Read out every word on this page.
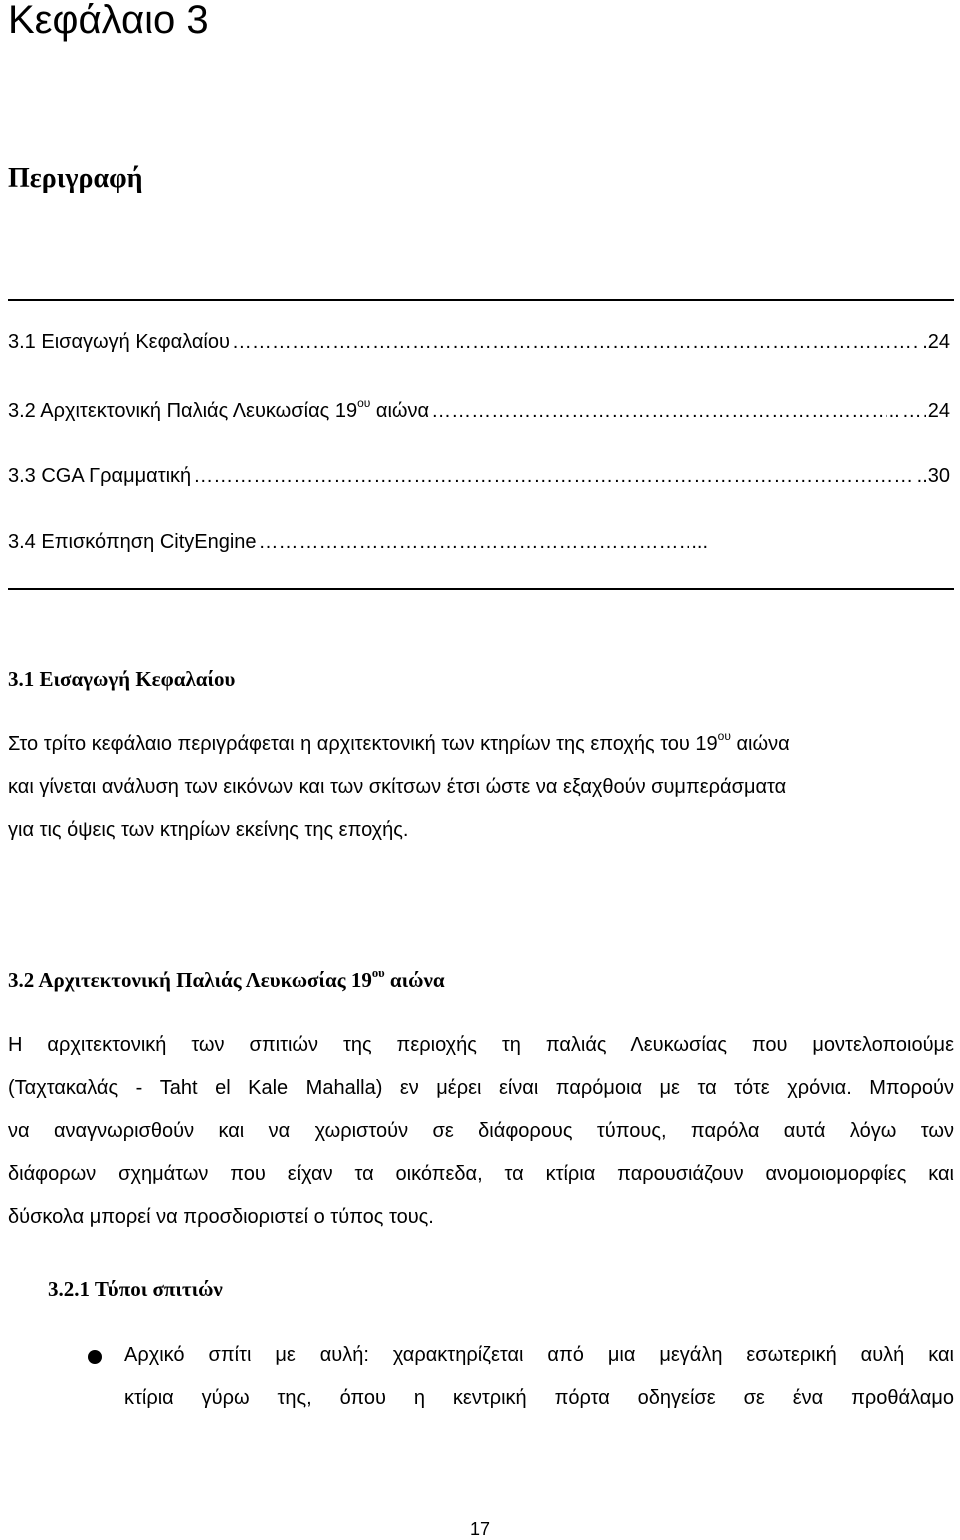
Κεφάλαιο 3
Περιγραφή
3.1 Εισαγωγή Κεφαλαίου ……………………………………………………………………………………………………………………………………………………………	.24
3.2 Αρχιτεκτονική Παλιάς Λευκωσίας $19^{o\upsilon}$ αιώνα ……………………………………………………………………………………………………………………………………………………………	.. …………………………………………………………………………………………………………………………………………………………… 24
3.3 CGA Γραμματική ……………………………………………………………………………………………………………………………………………………………	..30
3.4 Επισκόπηση CityEngine ……………………………………………………………………………………………………………………………………………………………	...
3.1 Εισαγωγή Κεφαλαίου
Στο τρίτο κεφάλαιο περιγράφεται η αρχιτεκτονική των κτηρίων της εποχής του $19^{o\upsilon}$ αιώνα
και γίνεται ανάλυση των εικόνων και των σκίτσων έτσι ώστε να εξαχθούν συμπεράσματα
για τις όψεις των κτηρίων εκείνης της εποχής.
3.2 Αρχιτεκτονική Παλιάς Λευκωσίας $19^{o\upsilon}$ αιώνα
Η αρχιτεκτονική των σπιτιών της περιοχής τη παλιάς Λευκωσίας που μοντελοποιούμε
(Ταχτακαλάς - Taht el Kale Mahalla) εν μέρει είναι παρόμοια με τα τότε χρόνια. Μπορούν
να αναγνωρισθούν και να χωριστούν σε διάφορους τύπους, παρόλα αυτά λόγω των
διάφορων σχημάτων που είχαν τα οικόπεδα, τα κτίρια παρουσιάζουν ανομοιομορφίες και
δύσκολα μπορεί να προσδιοριστεί ο τύπος τους.
3.2.1 Τύποι σπιτιών
Αρχικό σπίτι με αυλή: χαρακτηρίζεται από μια μεγάλη εσωτερική αυλή και
κτίρια γύρω της, όπου η κεντρική πόρτα οδηγείσε σε ένα προθάλαμο
17
